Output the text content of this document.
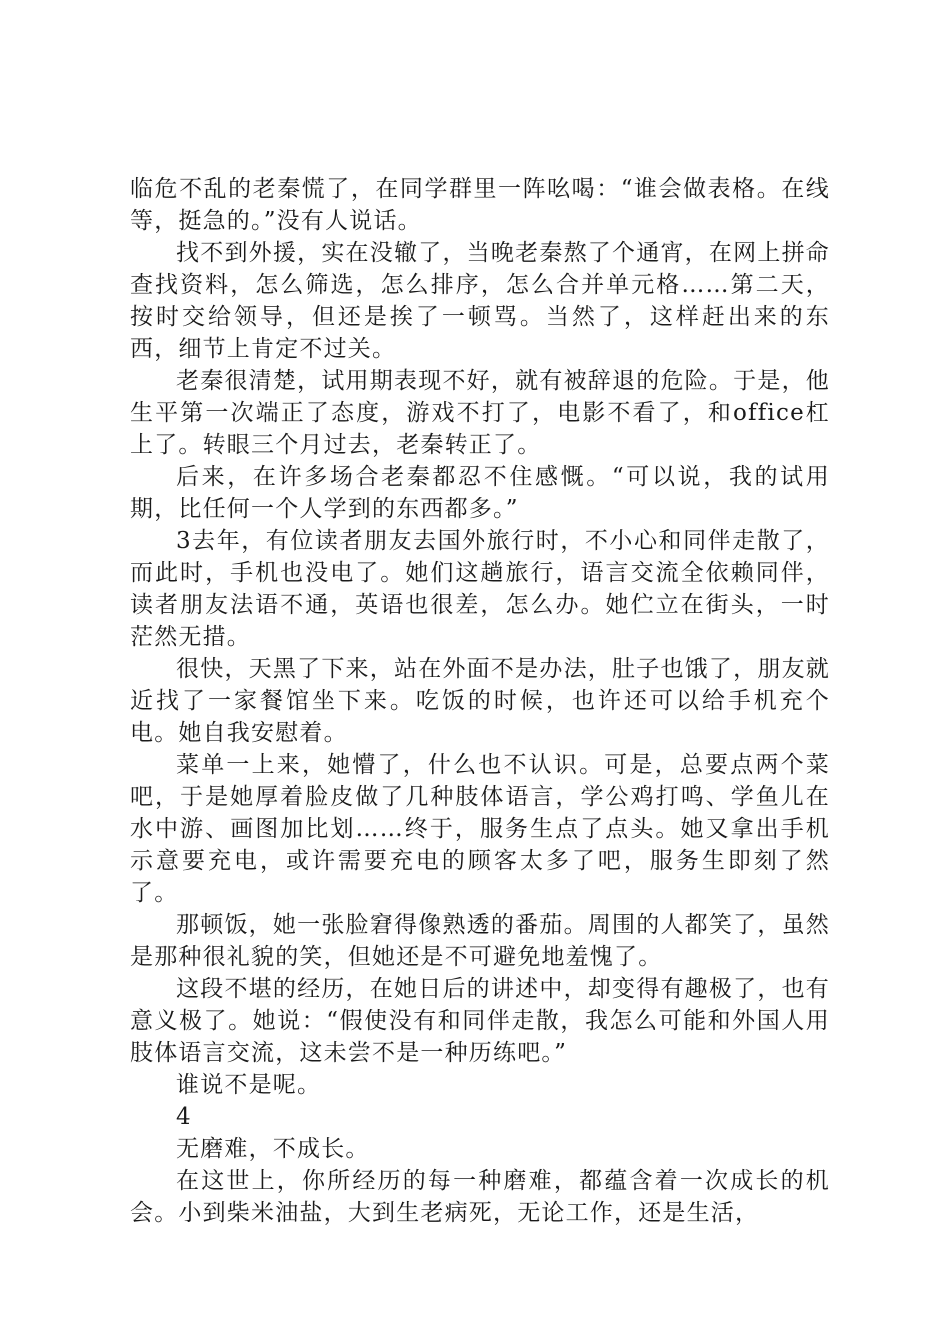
临危不乱的老秦慌了，在同学群里一阵吆喝：“谁会做表格。在线等，挺急的。”没有人说话。

找不到外援，实在没辙了，当晚老秦熬了个通宵，在网上拼命查找资料，怎么筛选，怎么排序，怎么合并单元格……第二天，按时交给领导，但还是挨了一顿骂。当然了，这样赶出来的东西，细节上肯定不过关。

老秦很清楚，试用期表现不好，就有被辞退的危险。于是，他生平第一次端正了态度，游戏不打了，电影不看了，和office杠上了。转眼三个月过去，老秦转正了。

后来，在许多场合老秦都忍不住感慨。“可以说，我的试用期，比任何一个人学到的东西都多。”

3去年，有位读者朋友去国外旅行时，不小心和同伴走散了，而此时，手机也没电了。她们这趟旅行，语言交流全依赖同伴，读者朋友法语不通，英语也很差，怎么办。她伫立在街头，一时茫然无措。

很快，天黑了下来，站在外面不是办法，肚子也饿了，朋友就近找了一家餐馆坐下来。吃饭的时候，也许还可以给手机充个电。她自我安慰着。

菜单一上来，她懵了，什么也不认识。可是，总要点两个菜吧，于是她厚着脸皮做了几种肢体语言，学公鸡打鸣、学鱼儿在水中游、画图加比划……终于，服务生点了点头。她又拿出手机示意要充电，或许需要充电的顾客太多了吧，服务生即刻了然了。

那顿饭，她一张脸窘得像熟透的番茄。周围的人都笑了，虽然是那种很礼貌的笑，但她还是不可避免地羞愧了。

这段不堪的经历，在她日后的讲述中，却变得有趣极了，也有意义极了。她说：“假使没有和同伴走散，我怎么可能和外国人用肢体语言交流，这未尝不是一种历练吧。”

谁说不是呢。

4

无磨难，不成长。

在这世上，你所经历的每一种磨难，都蕴含着一次成长的机会。小到柴米油盐，大到生老病死，无论工作，还是生活，
